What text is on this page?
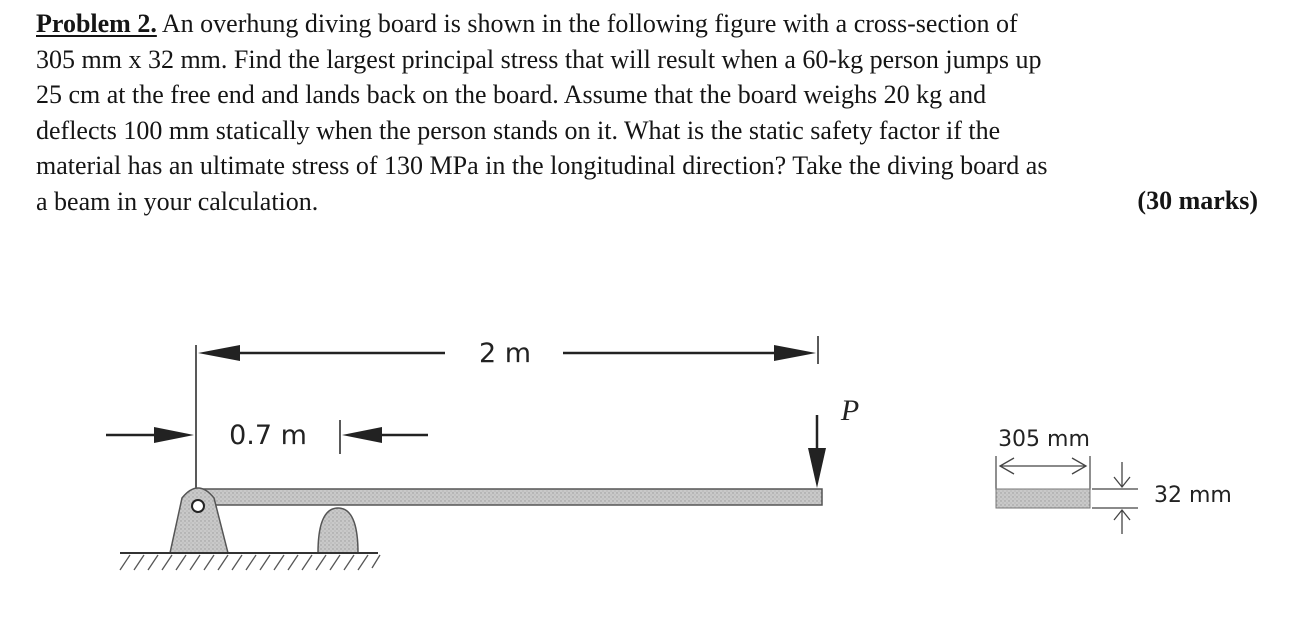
Problem 2. An overhung diving board is shown in the following figure with a cross-section of
305 mm x 32 mm. Find the largest principal stress that will result when a 60-kg person jumps up
25 cm at the free end and lands back on the board. Assume that the board weighs 20 kg and
deflects 100 mm statically when the person stands on it. What is the static safety factor if the
material has an ultimate stress of 130 MPa in the longitudinal direction? Take the diving board as
a beam in your calculation.	(30 marks)
2 m
0.7 m
P
305 mm
32 mm
